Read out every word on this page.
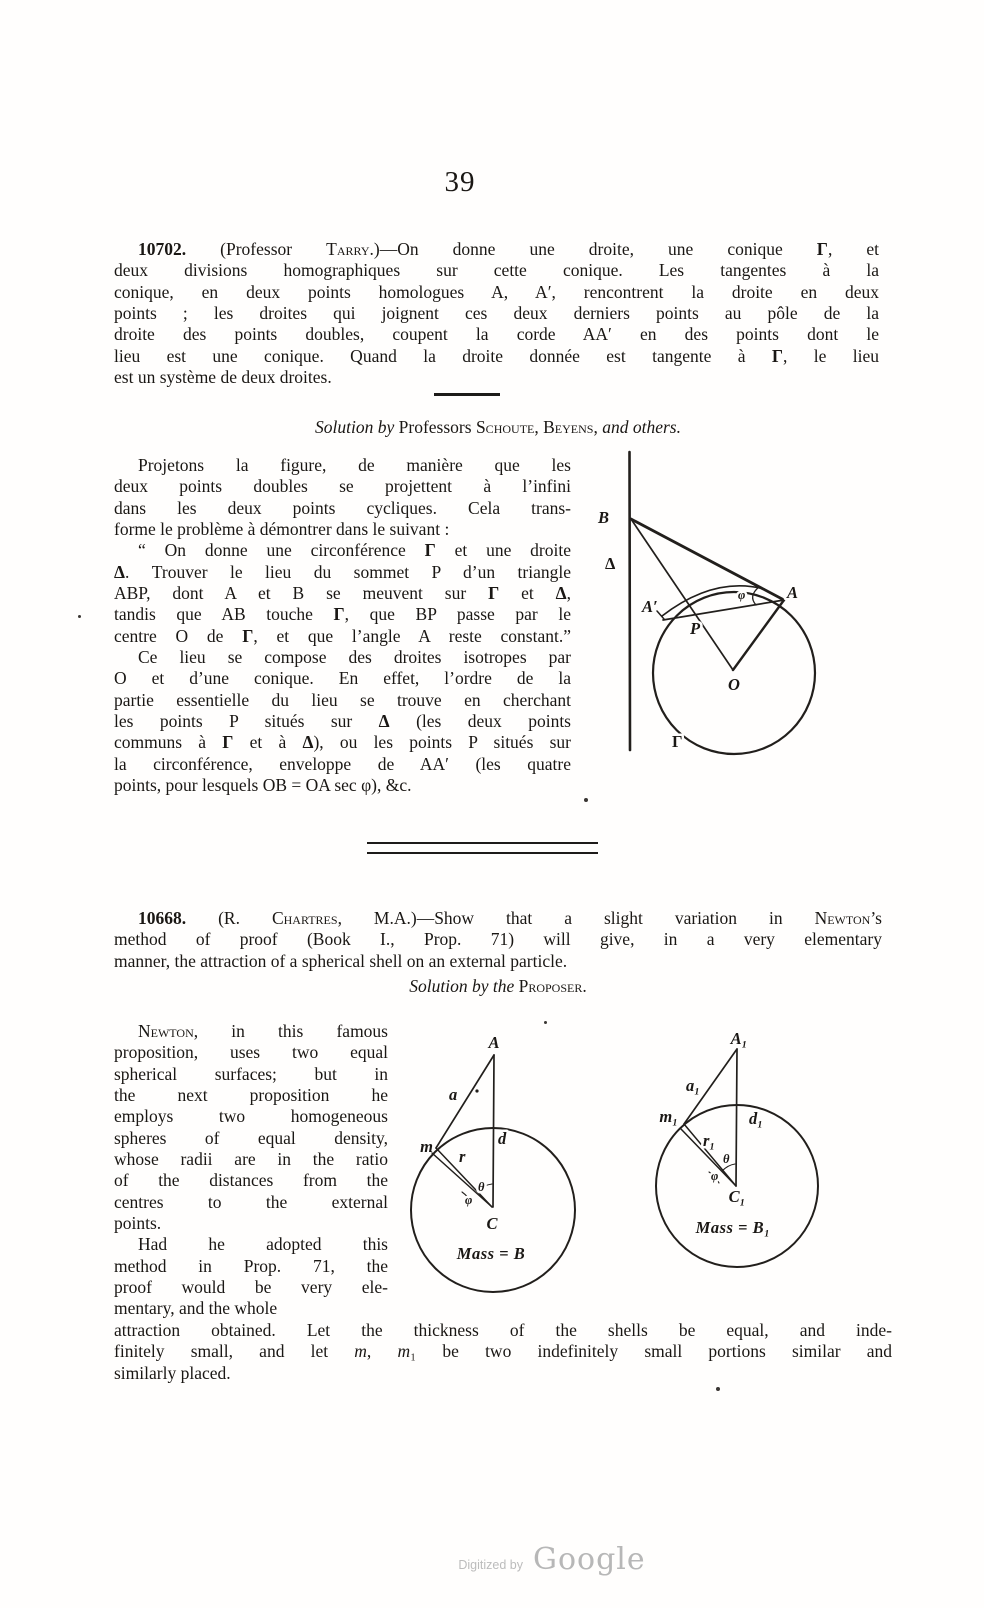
39
10702. (Professor Tarry.)—On donne une droite, une conique Γ, et
deux divisions homographiques sur cette conique. Les tangentes à la
conique, en deux points homologues A, A′, rencontrent la droite en deux
points ; les droites qui joignent ces deux derniers points au pôle de la
droite des points doubles, coupent la corde AA′ en des points dont le
lieu est une conique. Quand la droite donnée est tangente à Γ, le lieu
est un système de deux droites.
Solution by Professors Schoute, Beyens, and others.
Projetons la figure, de manière que les
deux points doubles se projettent à l’infini
dans les deux points cycliques. Cela trans-
forme le problème à démontrer dans le suivant :
“ On donne une circonférence Γ et une droite
Δ. Trouver le lieu du sommet P d’un triangle
ABP, dont A et B se meuvent sur Γ et Δ,
tandis que AB touche Γ, que BP passe par le
centre O de Γ, et que l’angle A reste constant.”
Ce lieu se compose des droites isotropes par
O et d’une conique. En effet, l’ordre de la
partie essentielle du lieu se trouve en cherchant
les points P situés sur Δ (les deux points
communs à Γ et à Δ), ou les points P situés sur
la circonférence, enveloppe de AA′ (les quatre
points, pour lesquels OB = OA sec φ), &c.
B
Δ
A′
P
O
A
φ
Γ
10668. (R. Chartres, M.A.)—Show that a slight variation in Newton’s
method of proof (Book I., Prop. 71) will give, in a very elementary
manner, the attraction of a spherical shell on an external particle.
Solution by the Proposer.
Newton, in this famous
proposition, uses two equal
spherical surfaces; but in
the next proposition he
employs two homogeneous
spheres of equal density,
whose radii are in the ratio
of the distances from the
centres to the external
points.
Had he adopted this
method in Prop. 71, the
proof would be very ele-
mentary, and the whole
A
a
d
m
r
θ
φ
C
Mass = B
A₁
a₁
d₁
m₁
r₁
θ
φ
C₁
Mass = B₁
attraction obtained. Let the thickness of the shells be equal, and inde-
finitely small, and let m, m₁ be two indefinitely small portions similar and
similarly placed.
Digitized by Google
